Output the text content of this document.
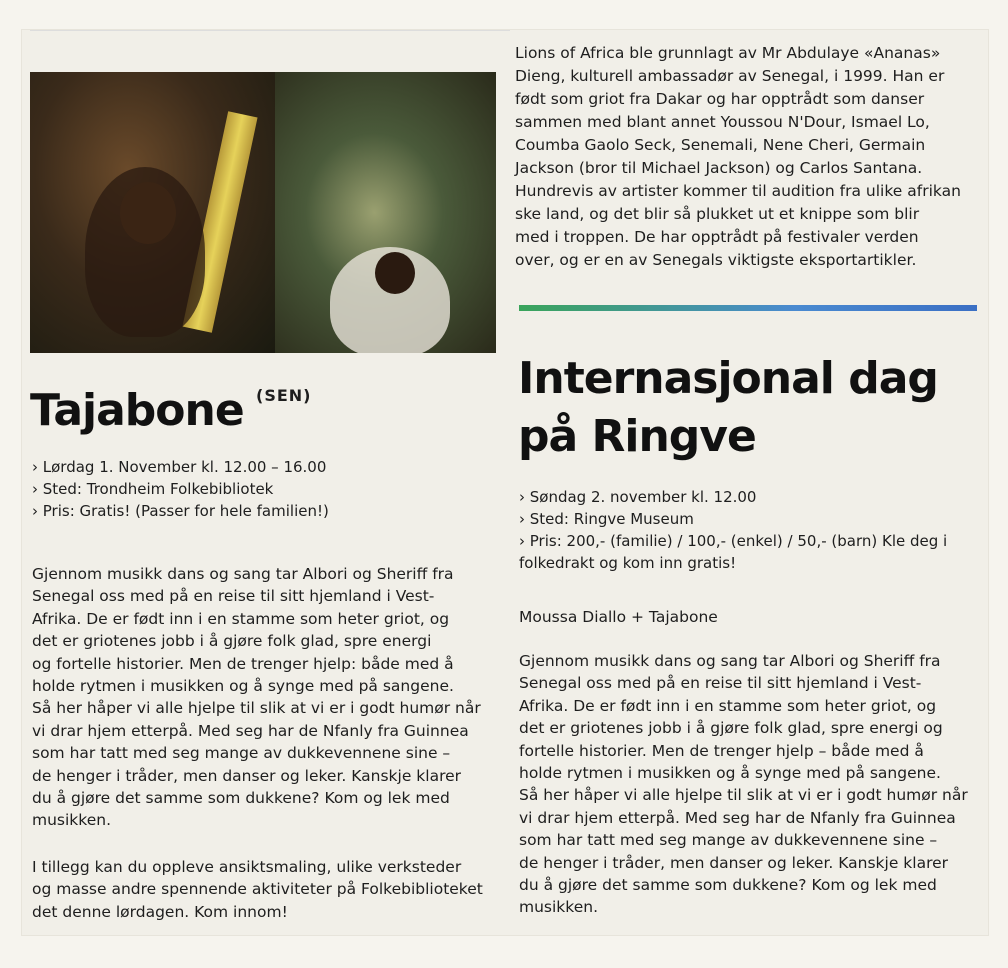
Tajabone (SEN)
› Lørdag 1. November kl. 12.00 – 16.00
› Sted: Trondheim Folkebibliotek
› Pris: Gratis! (Passer for hele familien!)
Gjennom musikk dans og sang tar Albori og Sheriff fra
Senegal oss med på en reise til sitt hjemland i Vest-
Afrika. De er født inn i en stamme som heter griot, og
det er griotenes jobb i å gjøre folk glad, spre energi
og fortelle historier. Men de trenger hjelp: både med å
holde rytmen i musikken og å synge med på sangene.
Så her håper vi alle hjelpe til slik at vi er i godt humør når
vi drar hjem etterpå. Med seg har de Nfanly fra Guinnea
som har tatt med seg mange av dukkevennene sine –
de henger i tråder, men danser og leker. Kanskje klarer
du å gjøre det samme som dukkene? Kom og lek med
musikken.
I tillegg kan du oppleve ansiktsmaling, ulike verksteder
og masse andre spennende aktiviteter på Folkebiblioteket
det denne lørdagen. Kom innom!
Lions of Africa ble grunnlagt av Mr Abdulaye «Ananas»
Dieng, kulturell ambassadør av Senegal, i 1999. Han er
født som griot fra Dakar og har opptrådt som danser
sammen med blant annet Youssou N'Dour, Ismael Lo,
Coumba Gaolo Seck, Senemali, Nene Cheri, Germain
Jackson (bror til Michael Jackson) og Carlos Santana.
Hundrevis av artister kommer til audition fra ulike afrikan
ske land, og det blir så plukket ut et knippe som blir
med i troppen. De har opptrådt på festivaler verden
over, og er en av Senegals viktigste eksportartikler.
Internasjonal dag
på Ringve
› Søndag 2. november kl. 12.00
› Sted: Ringve Museum
› Pris: 200,- (familie) / 100,- (enkel) / 50,- (barn) Kle deg i
folkedrakt og kom inn gratis!
Moussa Diallo + Tajabone
Gjennom musikk dans og sang tar Albori og Sheriff fra
Senegal oss med på en reise til sitt hjemland i Vest-
Afrika. De er født inn i en stamme som heter griot, og
det er griotenes jobb i å gjøre folk glad, spre energi og
fortelle historier. Men de trenger hjelp – både med å
holde rytmen i musikken og å synge med på sangene.
Så her håper vi alle hjelpe til slik at vi er i godt humør når
vi drar hjem etterpå. Med seg har de Nfanly fra Guinnea
som har tatt med seg mange av dukkevennene sine –
de henger i tråder, men danser og leker. Kanskje klarer
du å gjøre det samme som dukkene? Kom og lek med
musikken.
